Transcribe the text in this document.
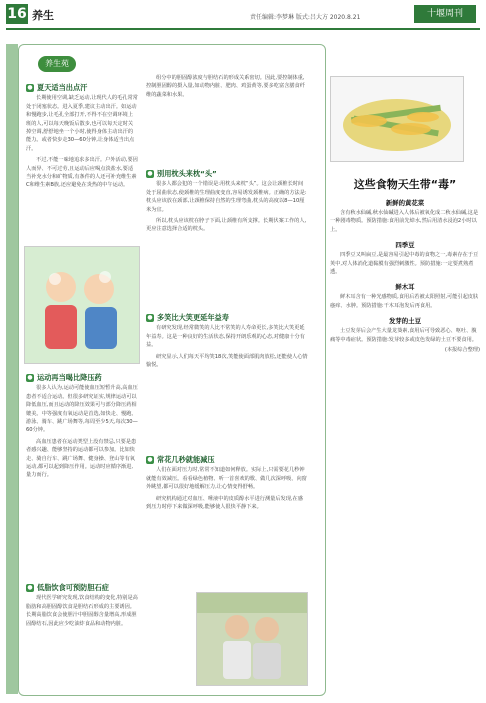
16 养生	责任编辑:李梦琳 版式:吕大方 2020.8.21	十堰周刊
养生苑
● 夏天适当出点汗

长期使用空调,缺乏运动,让现代人的毛孔常常处于闭塞状态。进入夏季,建议主动出汗。如运动和慢跑步,让毛孔全部打开,不得不在空调环境上班的人,可以每天晚饭后散步,也可以每天定时关掉空调,舒舒地坐一个小时,使得身体主动出汗的能力。或者快步走30—60分钟,让身体适当出点汗。

不过,不能一味地追求多出汗。户外活动,要因人而异、不可过劳,且运动后应喝点淡盐水,要适当补充水分和矿物质,有条件的人还可补充维生素C和维生素B族,还应避免在炎热的中午运动。

● 运动再当喝比降压药

很多人认为,运动可能使血压短暂升高,高血压患者不适合运动。但很多研究证实,规律运动可以降低血压,而且运动的降压效果可与部分降压药相媲美。中等强度有氧运动是首选,如快走、慢跑、游泳、骑车、跳广场舞等,每周至少5天,每次30—60分钟。

高血压患者在运动类型上没有禁忌,只要是患者感兴趣、能够坚持的运动都可以参加。比如快走、骑自行车、跳广场舞、健身操、登山等有氧运动,都可以起到降压作用。运动时应循序渐进,量力而行。

● 低脂饮食可预防胆石症

现代医学研究发现,饮食结构的变化,特别是高脂肪和高胆固醇饮食是胆结石形成的主要诱因。长期高脂饮食会使胆汁中胆固醇含量增高,形成胆固醇结石,因此应少吃油炸食品和动物内脏。

组分中的胆固醇浓度与胆结石的形成关系密切。因此,要控制体重,控制胆固醇的摄入量,如动物内脏、肥肉、鸡蛋黄等,要多吃富含膳食纤维的蔬菜和水果。

● 别用枕头来枕“头”

很多人都会犯的一个错误是:用枕头来枕“头”。这会让颈椎长时间处于屈曲状态,使颈椎的生理曲度变直,容易诱发颈椎病。正确的方法是:枕头应该放在颈部,让颈椎保持自然的生理弯曲,枕头的高度以8—10厘米为宜。

所以,枕头应该枕在脖子下面,让颈椎有所支撑。长期伏案工作的人,更应注意选择合适的枕头。

● 多笑比大笑更延年益寿

有研究发现,经常微笑的人比不常笑的人寿命更长,多笑比大笑更延年益寿。这是一种良好的生活状态,保持开朗乐观的心态,对健康十分有益。

研究显示,人们每天平均笑18次,笑能使面部肌肉放松,还能使人心情愉悦。

● 常花几秒就能减压

人们在面对压力时,常常不知道如何释放。实际上,只需要花几秒钟就能有效减压。看看绿色植物、听一首喜欢的歌、做几次深呼吸、向窗外眺望,都可以很好地缓解压力,让心情变得舒畅。

研究机构通过对血压、唾液中的皮质醇水平进行测量后发现,在感到压力时停下来做深呼吸,能够使人很快平静下来。

这些食物天生带“毒”
新鲜的黄花菜
含有秋水仙碱,秋水仙碱进入人体后被氧化成二秋水仙碱,这是一种剧毒物质。预防措施:食用前先焯水,然后用清水浸泡2小时以上。
四季豆
四季豆又叫扁豆,是最容易引起中毒的食物之一,毒素存在于豆荚中,对人体消化道黏膜有强烈刺激性。预防措施:一定要煮熟煮透。
鲜木耳
鲜木耳含有一种光感物质,食用后若被太阳照射,可能引起皮肤瘙痒、水肿。预防措施:干木耳泡发后再食用。
发芽的土豆
土豆发芽后会产生大量龙葵素,食用后可导致恶心、呕吐、腹痛等中毒症状。预防措施:发芽较多或皮色发绿的土豆不要食用。
(本报综合整理)
